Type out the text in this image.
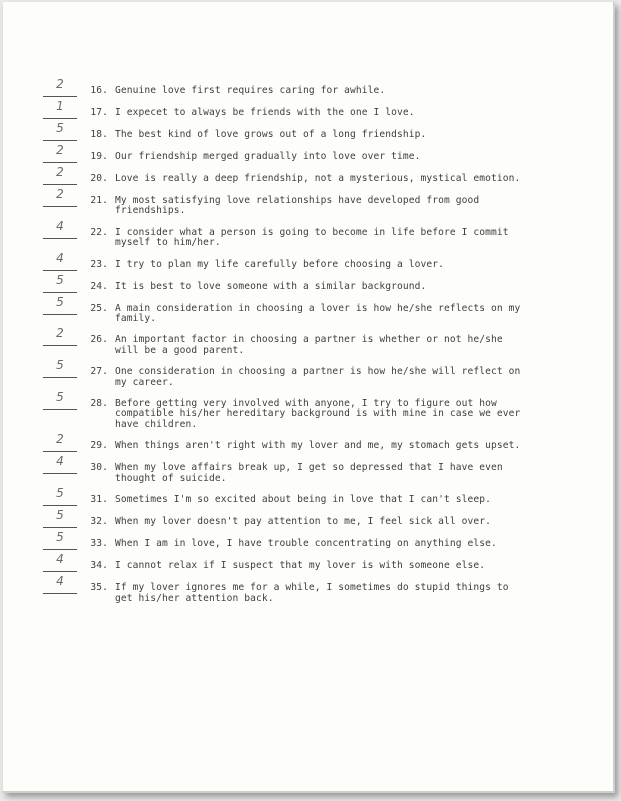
2	16. Genuine love first requires caring for awhile.
1	17. I expecet to always be friends with the one I love.
5	18. The best kind of love grows out of a long friendship.
2	19. Our friendship merged gradually into love over time.
2	20. Love is really a deep friendship, not a mysterious, mystical emotion.
2	21. My most satisfying love relationships have developed from good friendships.
4	22. I consider what a person is going to become in life before I commit myself to him/her.
4	23. I try to plan my life carefully before choosing a lover.
5	24. It is best to love someone with a similar background.
5	25. A main consideration in choosing a lover is how he/she reflects on my family.
2	26. An important factor in choosing a partner is whether or not he/she will be a good parent.
5	27. One consideration in choosing a partner is how he/she will reflect on my career.
5	28. Before getting very involved with anyone, I try to figure out how compatible his/her hereditary background is with mine in case we ever have children.
2	29. When things aren't right with my lover and me, my stomach gets upset.
4	30. When my love affairs break up, I get so depressed that I have even thought of suicide.
5	31. Sometimes I'm so excited about being in love that I can't sleep.
5	32. When my lover doesn't pay attention to me, I feel sick all over.
5	33. When I am in love, I have trouble concentrating on anything else.
4	34. I cannot relax if I suspect that my lover is with someone else.
4	35. If my lover ignores me for a while, I sometimes do stupid things to get his/her attention back.
